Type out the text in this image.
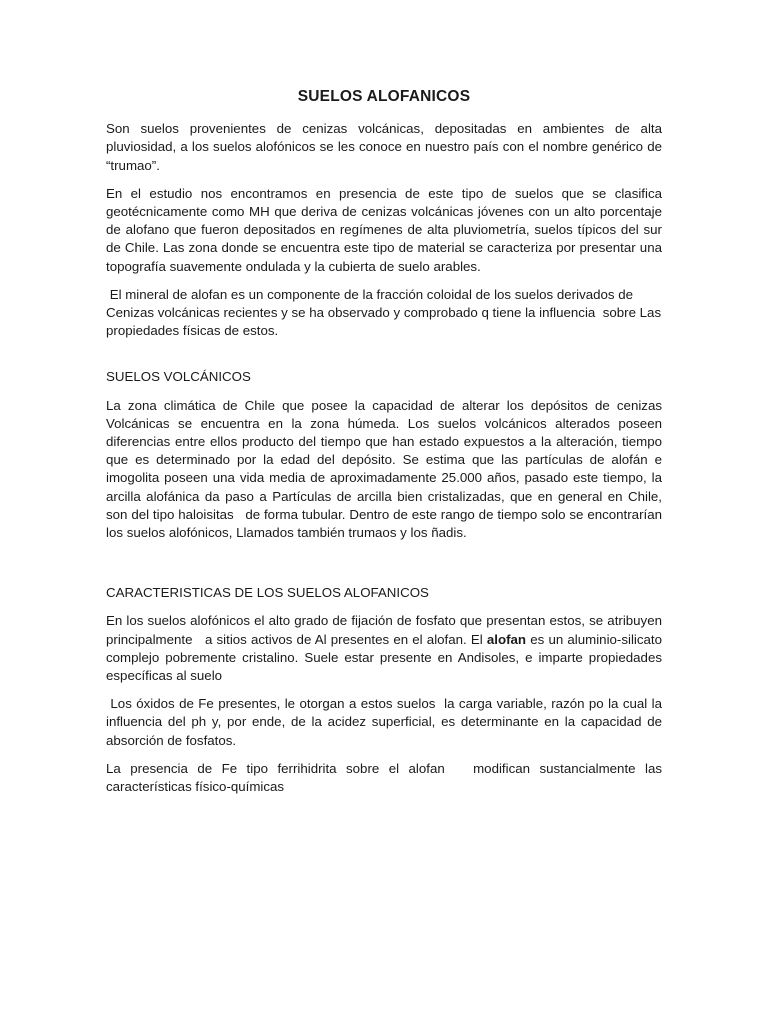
SUELOS ALOFANICOS

Son suelos provenientes de cenizas volcánicas, depositadas en ambientes de alta pluviosidad, a los suelos alofónicos se les conoce en nuestro país con el nombre genérico de “trumao”.

En el estudio nos encontramos en presencia de este tipo de suelos que se clasifica geotécnicamente como MH que deriva de cenizas volcánicas jóvenes con un alto porcentaje de alofano que fueron depositados en regímenes de alta pluviometría, suelos típicos del sur de Chile. Las zona donde se encuentra este tipo de material se caracteriza por presentar una topografía suavemente ondulada y la cubierta de suelo arables.

El mineral de alofan es un componente de la fracción coloidal de los suelos derivados de Cenizas volcánicas recientes y se ha observado y comprobado q tiene la influencia  sobre Las propiedades físicas de estos.

SUELOS VOLCÁNICOS

La zona climática de Chile que posee la capacidad de alterar los depósitos de cenizas Volcánicas se encuentra en la zona húmeda. Los suelos volcánicos alterados poseen diferencias entre ellos producto del tiempo que han estado expuestos a la alteración, tiempo que es determinado por la edad del depósito. Se estima que las partículas de alofán e imogolita poseen una vida media de aproximadamente 25.000 años, pasado este tiempo, la arcilla alofánica da paso a Partículas de arcilla bien cristalizadas, que en general en Chile, son del tipo haloisitas   de forma tubular. Dentro de este rango de tiempo solo se encontrarían los suelos alofónicos, Llamados también trumaos y los ñadis.

CARACTERISTICAS DE LOS SUELOS ALOFANICOS

En los suelos alofónicos el alto grado de fijación de fosfato que presentan estos, se atribuyen principalmente   a sitios activos de Al presentes en el alofan. El alofan es un aluminio-silicato complejo pobremente cristalino. Suele estar presente en Andisoles, e imparte propiedades específicas al suelo

Los óxidos de Fe presentes, le otorgan a estos suelos  la carga variable, razón po la cual la influencia del ph y, por ende, de la acidez superficial, es determinante en la capacidad de absorción de fosfatos.

La presencia de Fe tipo ferrihidrita sobre el alofan   modifican sustancialmente las características físico-químicas
